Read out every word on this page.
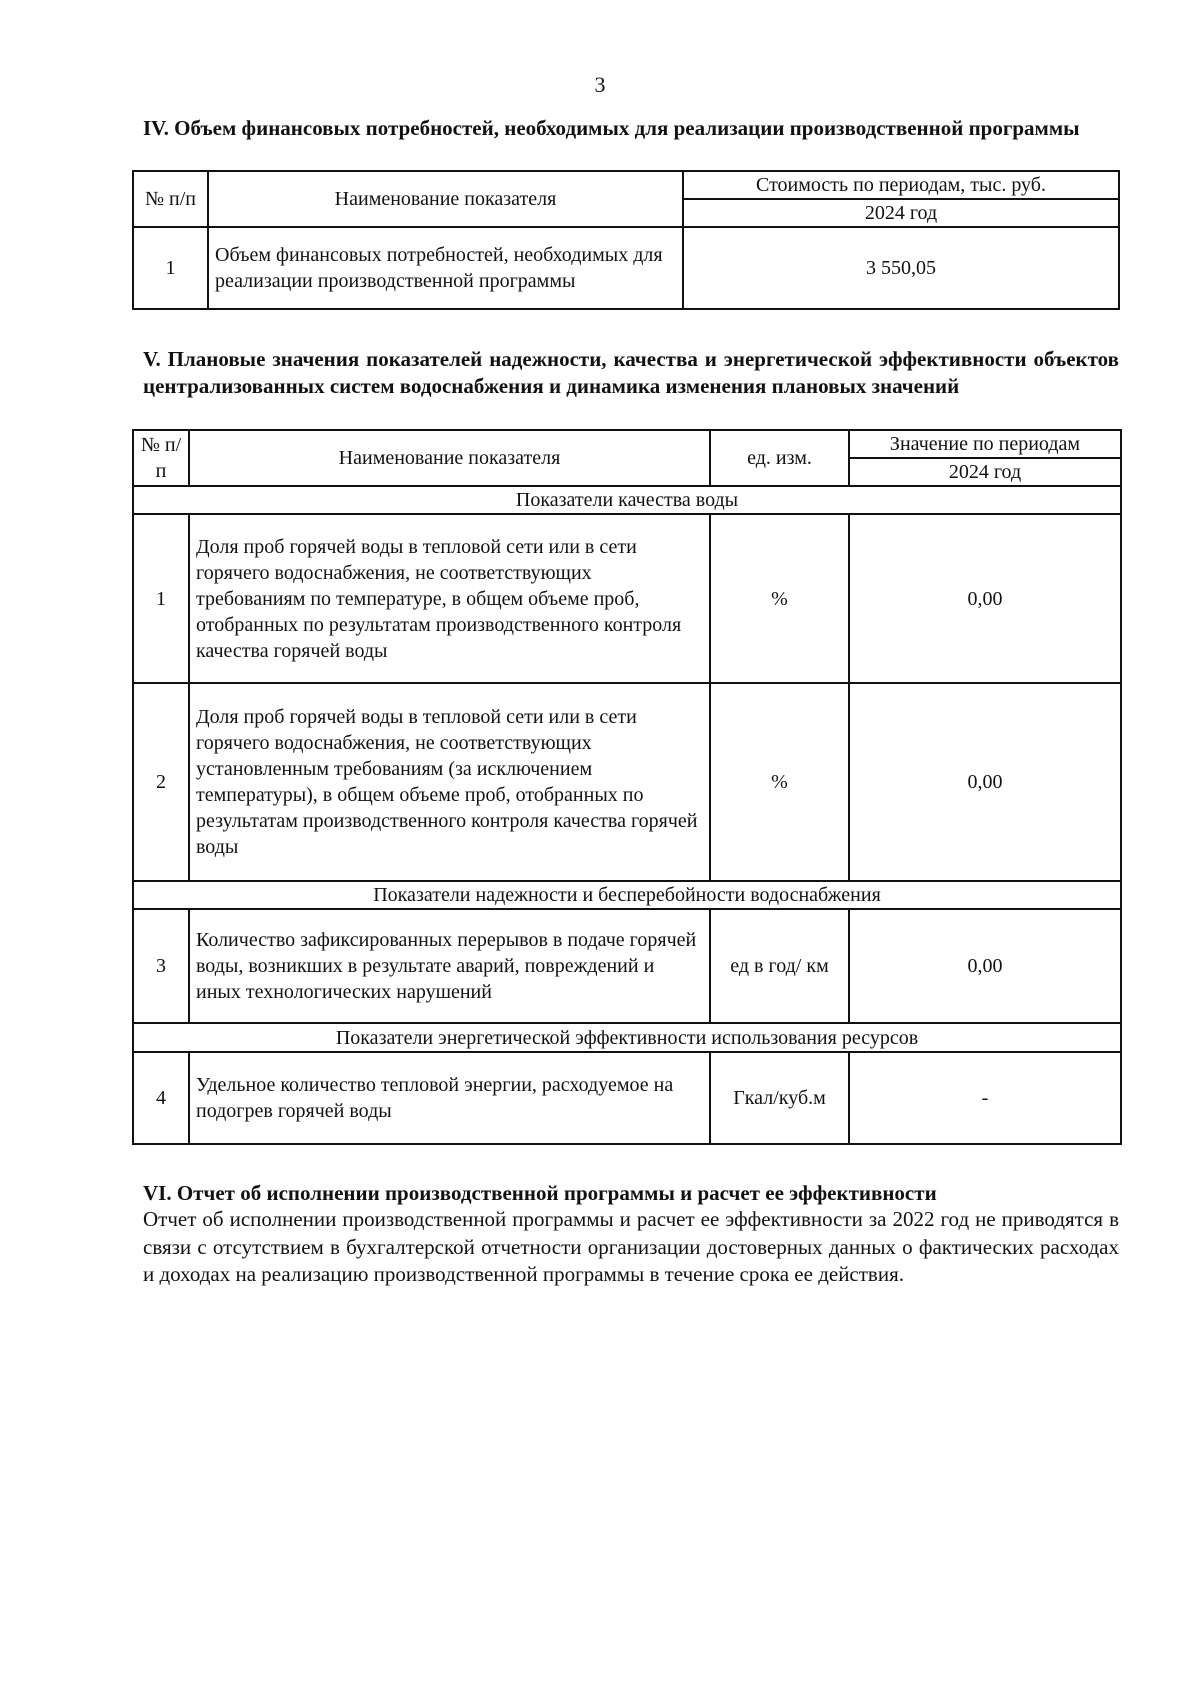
3

IV. Объем финансовых потребностей, необходимых для реализации производственной программы

№ п/п	Наименование показателя	Стоимость по периодам, тыс. руб.
		2024 год
1	Объем финансовых потребностей, необходимых для реализации производственной программы	3 550,05

V. Плановые значения показателей надежности, качества и энергетической эффективности объектов централизованных систем водоснабжения и динамика изменения плановых значений

№ п/п	Наименование показателя	ед. изм.	Значение по периодам
			2024 год
Показатели качества воды			
1	Доля проб горячей воды в тепловой сети или в сети горячего водоснабжения, не соответствующих требованиям по температуре, в общем объеме проб, отобранных по результатам производственного контроля качества горячей воды	%	0,00
2	Доля проб горячей воды в тепловой сети или в сети горячего водоснабжения, не соответствующих установленным требованиям (за исключением температуры), в общем объеме проб, отобранных по результатам производственного контроля качества горячей воды	%	0,00
Показатели надежности и бесперебойности водоснабжения			
3	Количество зафиксированных перерывов в подаче горячей воды, возникших в результате аварий, повреждений и иных технологических нарушений	ед в год/ км	0,00
Показатели энергетической эффективности использования ресурсов			
4	Удельное количество тепловой энергии, расходуемое на подогрев горячей воды	Гкал/куб.м	-

VI. Отчет об исполнении производственной программы и расчет ее эффективности

Отчет об исполнении производственной программы и расчет ее эффективности за 2022 год не приводятся в связи с отсутствием в бухгалтерской отчетности организации достоверных данных о фактических расходах и доходах на реализацию производственной программы в течение срока ее действия.
